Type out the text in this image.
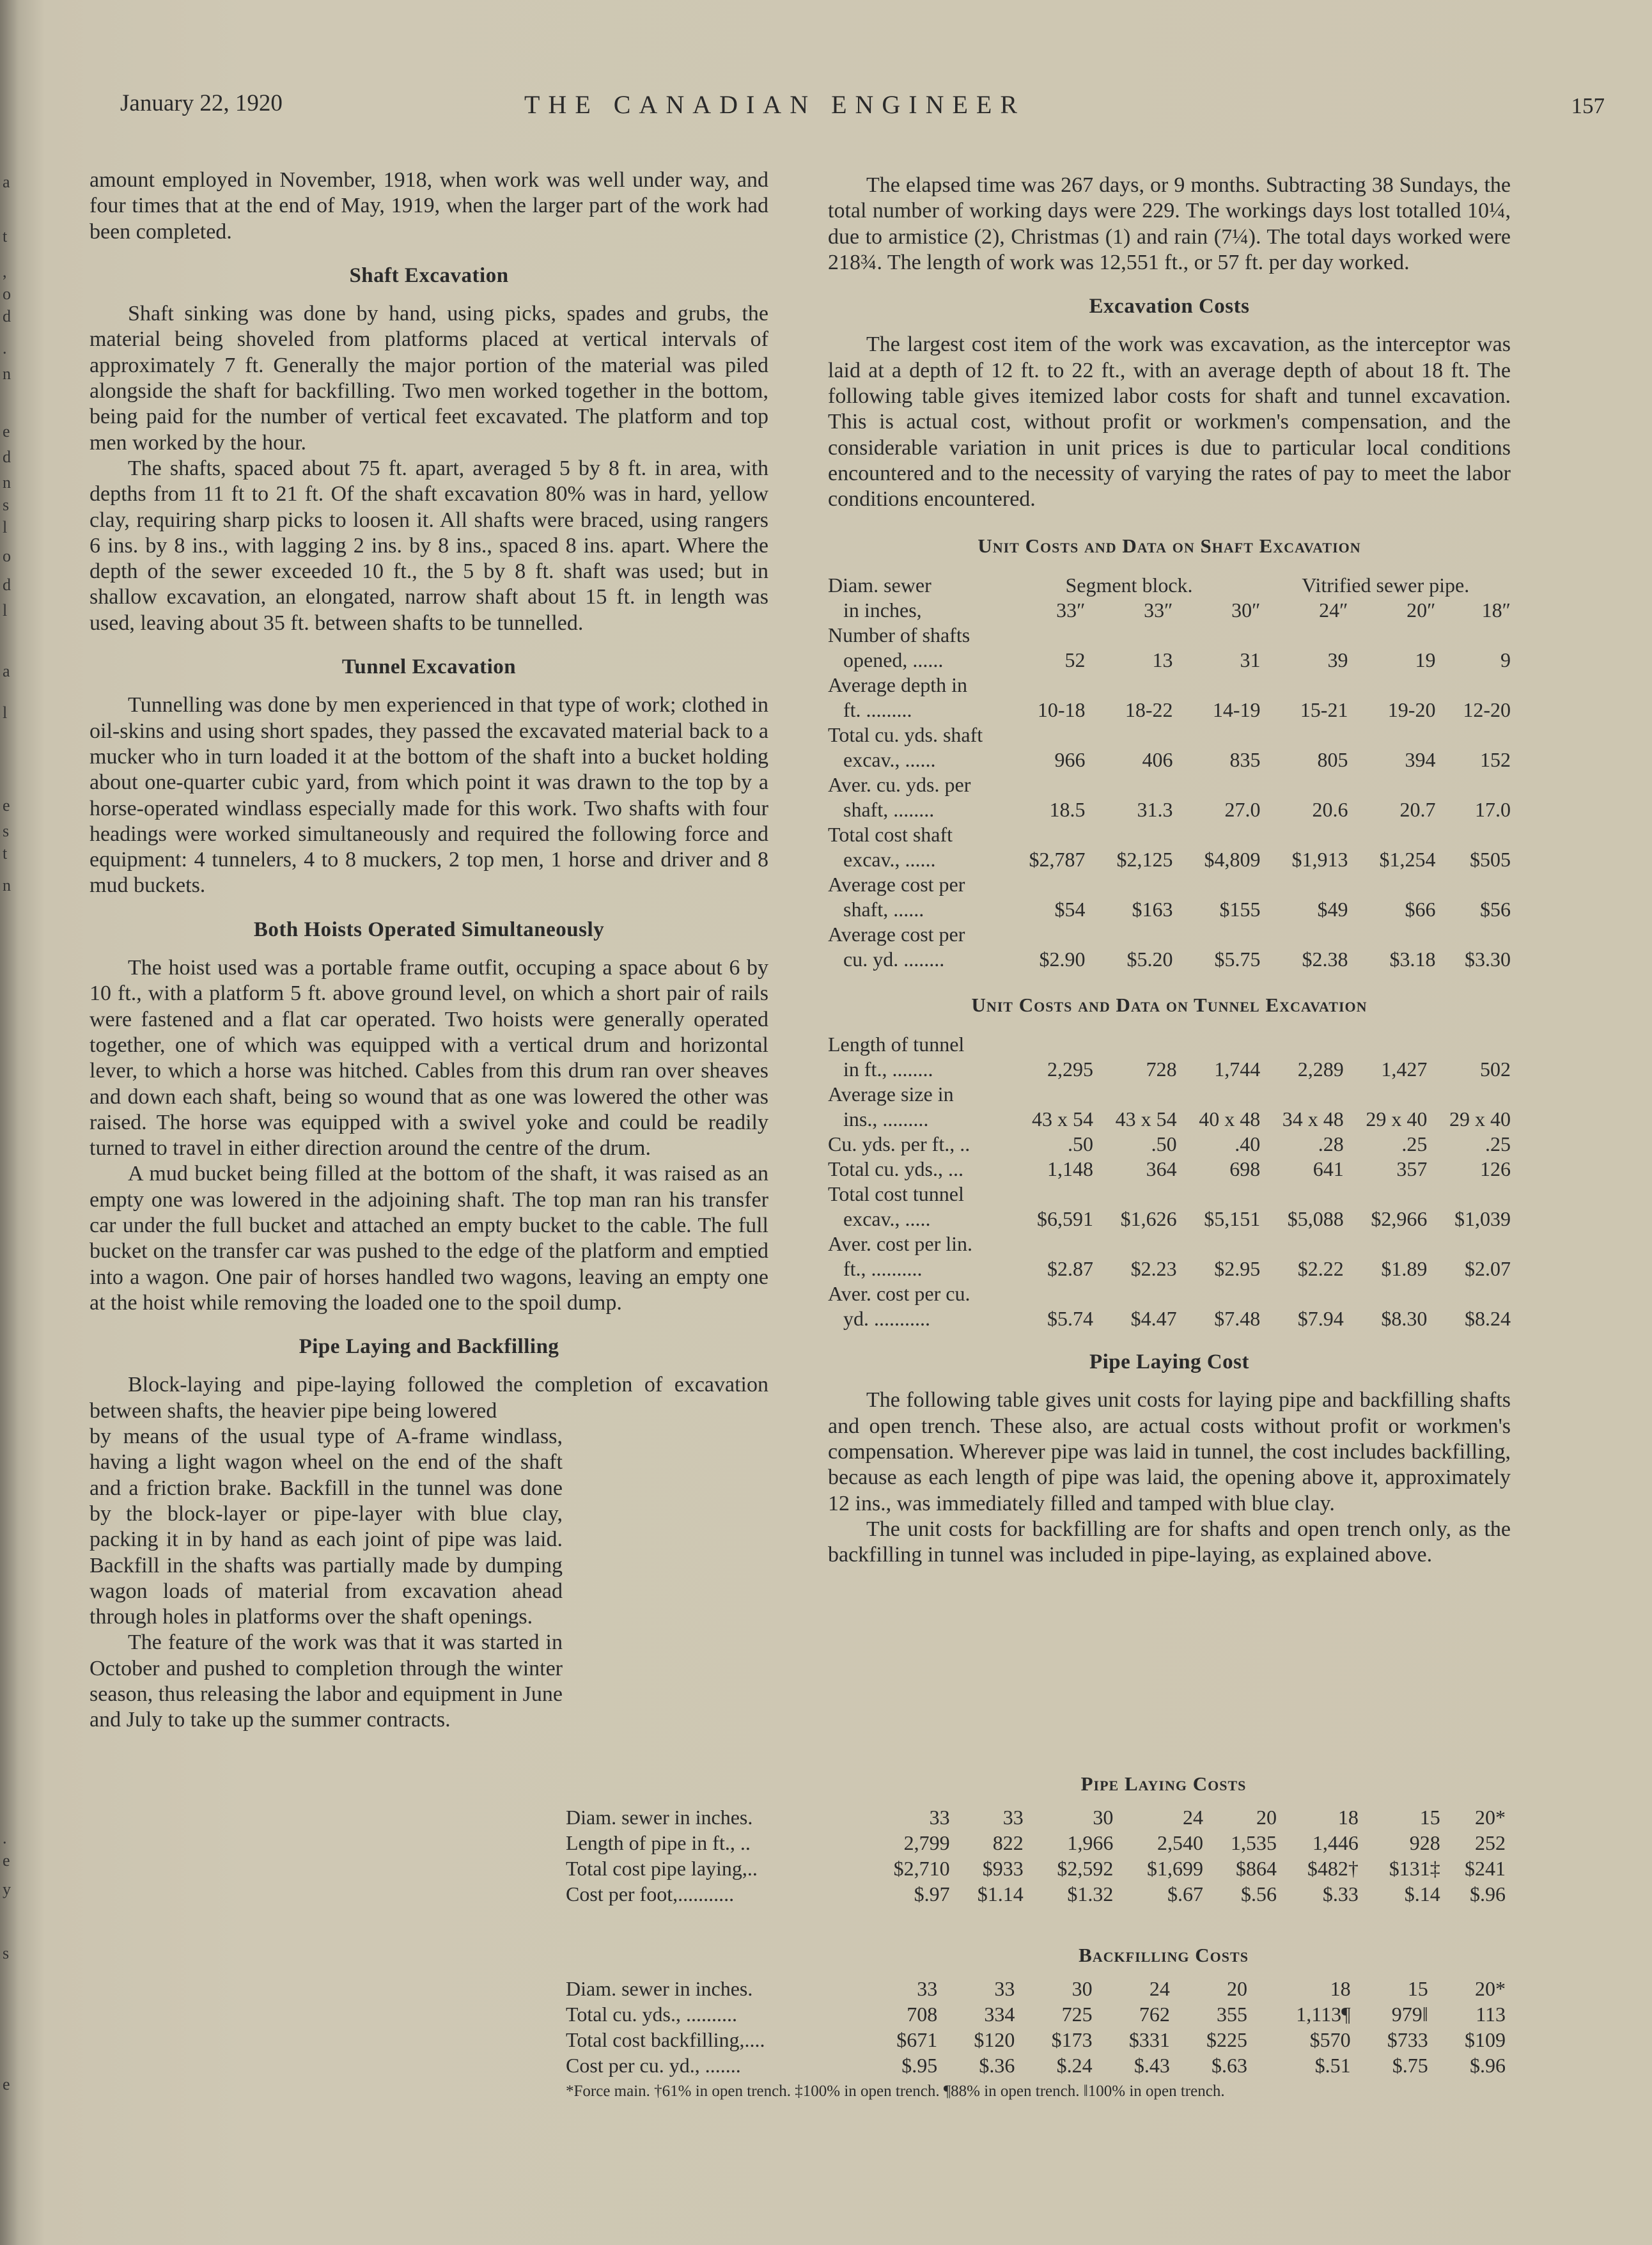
a
t
,
o
d
.
n
e
d
n
s
l
o
d
l
a
l
e
s
t
n
.
e
y
s
e
January 22, 1920	THE CANADIAN ENGINEER	157

amount employed in November, 1918, when work was well under way, and four times that at the end of May, 1919, when the larger part of the work had been completed.

Shaft Excavation

Shaft sinking was done by hand, using picks, spades and grubs, the material being shoveled from platforms placed at vertical intervals of approximately 7 ft. Generally the major portion of the material was piled alongside the shaft for backfilling. Two men worked together in the bottom, being paid for the number of vertical feet excavated. The platform and top men worked by the hour.

The shafts, spaced about 75 ft. apart, averaged 5 by 8 ft. in area, with depths from 11 ft to 21 ft. Of the shaft excavation 80% was in hard, yellow clay, requiring sharp picks to loosen it. All shafts were braced, using rangers 6 ins. by 8 ins., with lagging 2 ins. by 8 ins., spaced 8 ins. apart. Where the depth of the sewer exceeded 10 ft., the 5 by 8 ft. shaft was used; but in shallow excavation, an elongated, narrow shaft about 15 ft. in length was used, leaving about 35 ft. between shafts to be tunnelled.

Tunnel Excavation

Tunnelling was done by men experienced in that type of work; clothed in oil-skins and using short spades, they passed the excavated material back to a mucker who in turn loaded it at the bottom of the shaft into a bucket holding about one-quarter cubic yard, from which point it was drawn to the top by a horse-operated windlass especially made for this work. Two shafts with four headings were worked simultaneously and required the following force and equipment: 4 tunnelers, 4 to 8 muckers, 2 top men, 1 horse and driver and 8 mud buckets.

Both Hoists Operated Simultaneously

The hoist used was a portable frame outfit, occuping a space about 6 by 10 ft., with a platform 5 ft. above ground level, on which a short pair of rails were fastened and a flat car operated. Two hoists were generally operated together, one of which was equipped with a vertical drum and horizontal lever, to which a horse was hitched. Cables from this drum ran over sheaves and down each shaft, being so wound that as one was lowered the other was raised. The horse was equipped with a swivel yoke and could be readily turned to travel in either direction around the centre of the drum.

A mud bucket being filled at the bottom of the shaft, it was raised as an empty one was lowered in the adjoining shaft. The top man ran his transfer car under the full bucket and attached an empty bucket to the cable. The full bucket on the transfer car was pushed to the edge of the platform and emptied into a wagon. One pair of horses handled two wagons, leaving an empty one at the hoist while removing the loaded one to the spoil dump.

Pipe Laying and Backfilling

Block-laying and pipe-laying followed the completion of excavation between shafts, the heavier pipe being lowered

by means of the usual type of A-frame windlass, having a light wagon wheel on the end of the shaft and a friction brake. Backfill in the tunnel was done by the block-layer or pipe-layer with blue clay, packing it in by hand as each joint of pipe was laid. Backfill in the shafts was partially made by dumping wagon loads of material from excavation ahead through holes in platforms over the shaft openings.

The feature of the work was that it was started in October and pushed to completion through the winter season, thus releasing the labor and equipment in June and July to take up the summer contracts.

The elapsed time was 267 days, or 9 months. Subtracting 38 Sundays, the total number of working days were 229. The workings days lost totalled 10¼, due to armistice (2), Christmas (1) and rain (7¼). The total days worked were 218¾. The length of work was 12,551 ft., or 57 ft. per day worked.

Excavation Costs

The largest cost item of the work was excavation, as the interceptor was laid at a depth of 12 ft. to 22 ft., with an average depth of about 18 ft. The following table gives itemized labor costs for shaft and tunnel excavation. This is actual cost, without profit or workmen's compensation, and the considerable variation in unit prices is due to particular local conditions encountered and to the necessity of varying the rates of pay to meet the labor conditions encountered.

Unit Costs and Data on Shaft Excavation
Diam. sewer	Segment block.			Vitrified sewer pipe.		
in inches,	33″	33″	30″	24″	20″	18″
Number of shafts						
opened, ......	52	13	31	39	19	9
Average depth in						
ft. .........	10-18	18-22	14-19	15-21	19-20	12-20
Total cu. yds. shaft						
excav., ......	966	406	835	805	394	152
Aver. cu. yds. per						
shaft, ........	18.5	31.3	27.0	20.6	20.7	17.0
Total cost shaft						
excav., ......	$2,787	$2,125	$4,809	$1,913	$1,254	$505
Average cost per						
shaft, ......	$54	$163	$155	$49	$66	$56
Average cost per						
cu. yd. ........	$2.90	$5.20	$5.75	$2.38	$3.18	$3.30
Unit Costs and Data on Tunnel Excavation
Length of tunnel						
in ft., ........	2,295	728	1,744	2,289	1,427	502
Average size in						
ins., .........	43 x 54	43 x 54	40 x 48	34 x 48	29 x 40	29 x 40
Cu. yds. per ft., ..	.50	.50	.40	.28	.25	.25
Total cu. yds., ...	1,148	364	698	641	357	126
Total cost tunnel						
excav., .....	$6,591	$1,626	$5,151	$5,088	$2,966	$1,039
Aver. cost per lin.						
ft., ..........	$2.87	$2.23	$2.95	$2.22	$1.89	$2.07
Aver. cost per cu.						
yd. ...........	$5.74	$4.47	$7.48	$7.94	$8.30	$8.24
Pipe Laying Cost

The following table gives unit costs for laying pipe and backfilling shafts and open trench. These also, are actual costs without profit or workmen's compensation. Wherever pipe was laid in tunnel, the cost includes backfilling, because as each length of pipe was laid, the opening above it, approximately 12 ins., was immediately filled and tamped with blue clay.

The unit costs for backfilling are for shafts and open trench only, as the backfilling in tunnel was included in pipe-laying, as explained above.

Pipe Laying Costs
Diam. sewer in inches.	33	33	30	24	20	18	15	20*
Length of pipe in ft., ..	2,799	822	1,966	2,540	1,535	1,446	928	252
Total cost pipe laying,..	$2,710	$933	$2,592	$1,699	$864	$482†	$131‡	$241
Cost per foot,...........	$.97	$1.14	$1.32	$.67	$.56	$.33	$.14	$.96
Backfilling Costs
Diam. sewer in inches.	33	33	30	24	20	18	15	20*
Total cu. yds., ..........	708	334	725	762	355	1,113¶	979‖	113
Total cost backfilling,....	$671	$120	$173	$331	$225	$570	$733	$109
Cost per cu. yd., .......	$.95	$.36	$.24	$.43	$.63	$.51	$.75	$.96
*Force main. †61% in open trench. ‡100% in open trench. ¶88% in open trench. ‖100% in open trench.
